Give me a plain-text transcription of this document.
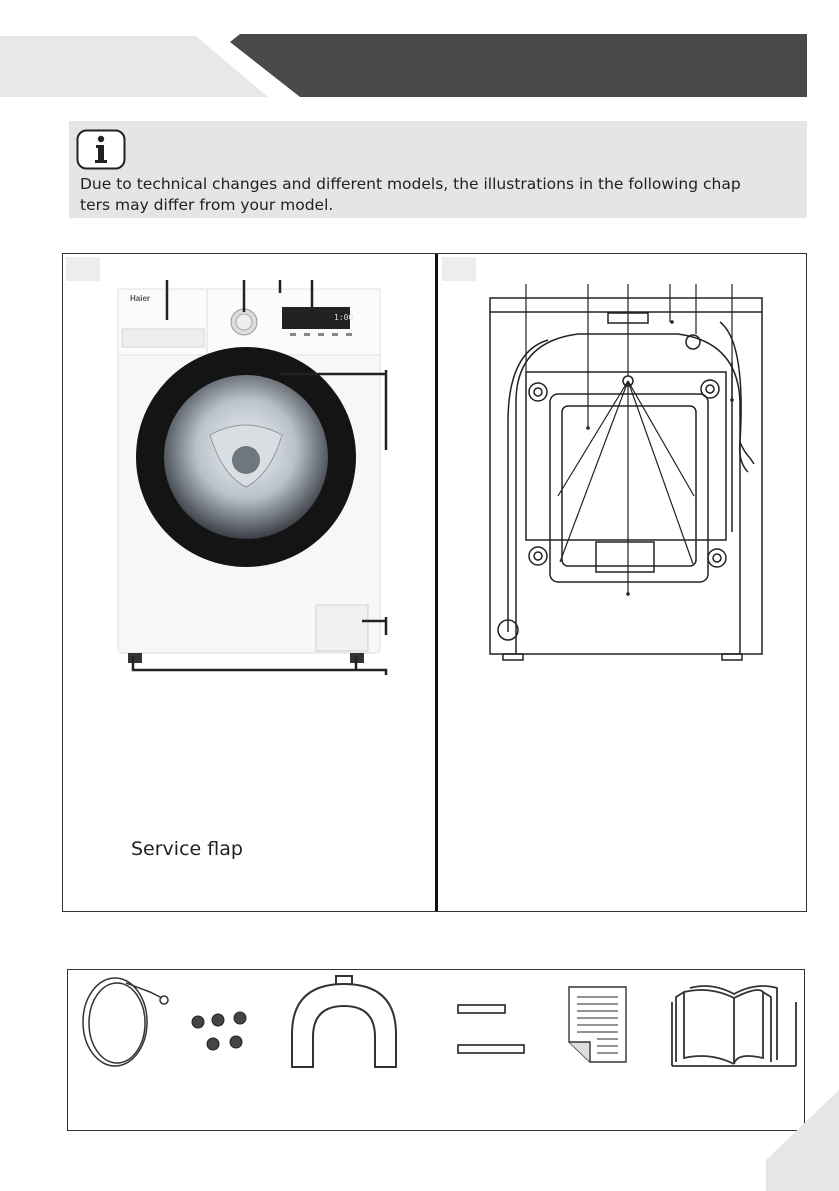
Due to technical changes and different models, the illustrations in the following chap
ters may differ from your model.
Haier
1:00
Service flap
